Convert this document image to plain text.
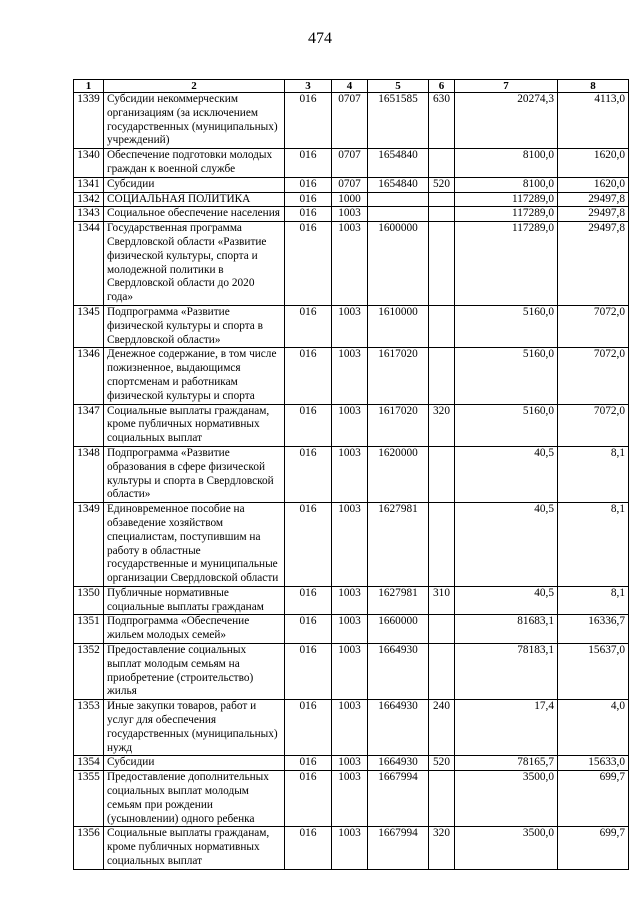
474
1	2	3	4	5	6	7	8
1339	Субсидии некоммерческим организациям (за исключением государственных (муниципальных) учреждений)	016	0707	1651585	630	20274,3	4113,0
1340	Обеспечение подготовки молодых граждан к военной службе	016	0707	1654840		8100,0	1620,0
1341	Субсидии	016	0707	1654840	520	8100,0	1620,0
1342	СОЦИАЛЬНАЯ ПОЛИТИКА	016	1000			117289,0	29497,8
1343	Социальное обеспечение населения	016	1003			117289,0	29497,8
1344	Государственная программа Свердловской области «Развитие физической культуры, спорта и молодежной политики в Свердловской области до 2020 года»	016	1003	1600000		117289,0	29497,8
1345	Подпрограмма «Развитие физической культуры и спорта в Свердловской области»	016	1003	1610000		5160,0	7072,0
1346	Денежное содержание, в том числе пожизненное, выдающимся спортсменам и работникам физической культуры и спорта	016	1003	1617020		5160,0	7072,0
1347	Социальные выплаты гражданам, кроме публичных нормативных социальных выплат	016	1003	1617020	320	5160,0	7072,0
1348	Подпрограмма «Развитие образования в сфере физической культуры и спорта в Свердловской области»	016	1003	1620000		40,5	8,1
1349	Единовременное пособие на обзаведение хозяйством специалистам, поступившим на работу в областные государственные и муниципальные организации Свердловской области	016	1003	1627981		40,5	8,1
1350	Публичные нормативные социальные выплаты гражданам	016	1003	1627981	310	40,5	8,1
1351	Подпрограмма «Обеспечение жильем молодых семей»	016	1003	1660000		81683,1	16336,7
1352	Предоставление социальных выплат молодым семьям на приобретение (строительство) жилья	016	1003	1664930		78183,1	15637,0
1353	Иные закупки товаров, работ и услуг для обеспечения государственных (муниципальных) нужд	016	1003	1664930	240	17,4	4,0
1354	Субсидии	016	1003	1664930	520	78165,7	15633,0
1355	Предоставление дополнительных социальных выплат молодым семьям при рождении (усыновлении) одного ребенка	016	1003	1667994		3500,0	699,7
1356	Социальные выплаты гражданам, кроме публичных нормативных социальных выплат	016	1003	1667994	320	3500,0	699,7
